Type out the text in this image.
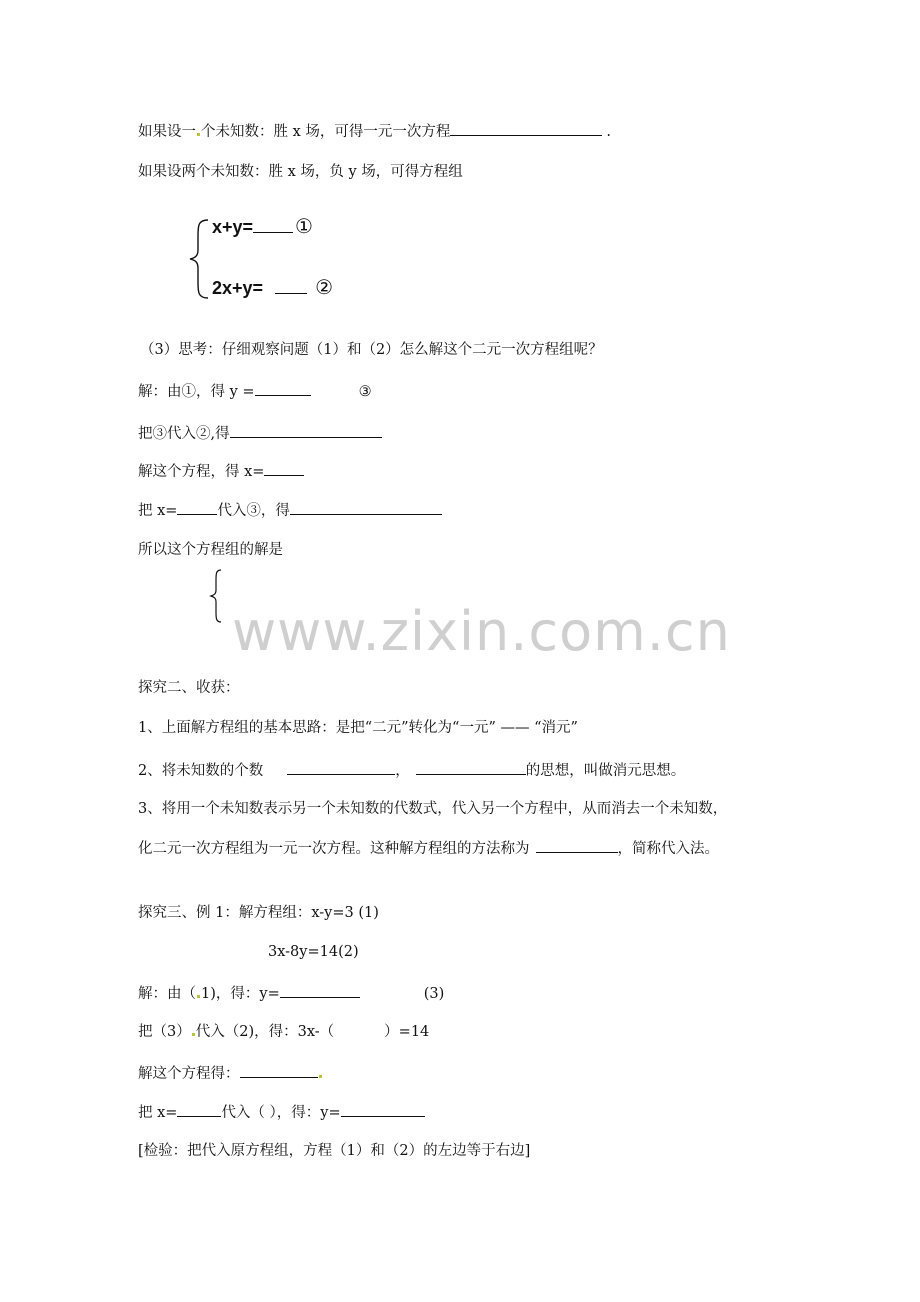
如果设一 个未知数：胜 x 场，可得一元一次方程	.
如果设两个未知数：胜 x 场，负 y 场，可得方程组
x+y= ①
2x+y=	②
（3）思考：仔细观察问题（1）和（2）怎么解这个二元一次方程组呢？
解：由①，得 y =	③
把③代入②,得
解这个方程，得 x=
把 x=	代入③，得
所以这个方程组的解是
www.zixin.com.cn
探究二、收获：
1、上面解方程组的基本思路：是把“二元”转化为“一元” —— “消元”
2、将未知数的个数	，	的思想，叫做消元思想。
3、将用一个未知数表示另一个未知数的代数式，代入另一个方程中，从而消去一个未知数，
化二元一次方程组为一元一次方程。这种解方程组的方法称为	，简称代入法。
探究三、例 1：解方程组：x-y=3 (1)
3x-8y=14(2)
解：由（ 1)，得：y=	(3)
把（3） 代入（2)，得：3x-（	）=14
解这个方程得：
把 x=	代入（ ），得：y=
[检验：把代入原方程组，方程（1）和（2）的左边等于右边]
